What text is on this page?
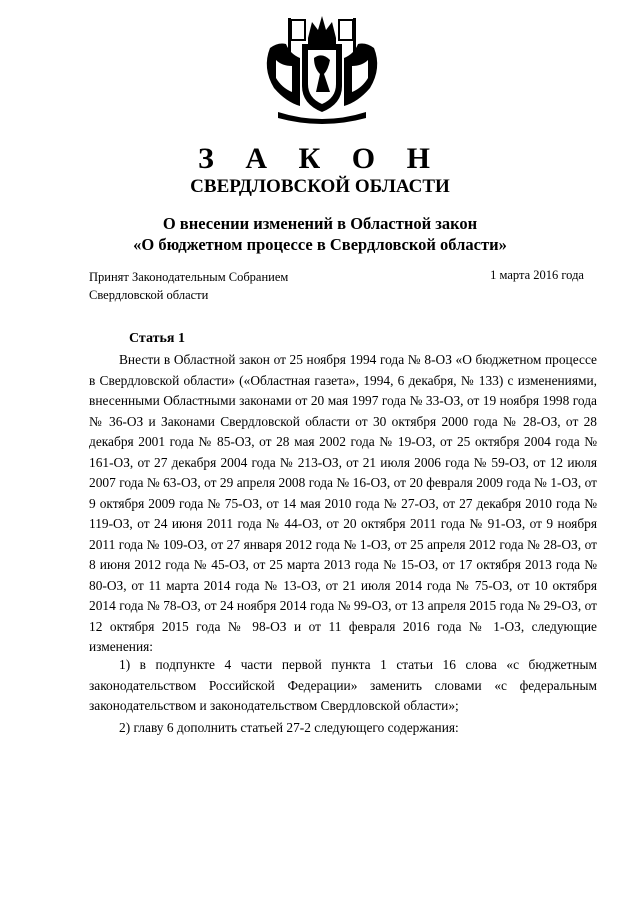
З А К О Н
СВЕРДЛОВСКОЙ ОБЛАСТИ
О внесении изменений в Областной закон
«О бюджетном процессе в Свердловской области»
Принят Законодательным Собранием
Свердловской области
1 марта 2016 года
Статья 1
Внести в Областной закон от 25 ноября 1994 года № 8-ОЗ «О бюджетном процессе в Свердловской области» («Областная газета», 1994, 6 декабря, № 133) с изменениями, внесенными Областными законами от 20 мая 1997 года № 33-ОЗ, от 19 ноября 1998 года № 36-ОЗ и Законами Свердловской области от 30 октября 2000 года № 28-ОЗ, от 28 декабря 2001 года № 85-ОЗ, от 28 мая 2002 года № 19-ОЗ, от 25 октября 2004 года № 161-ОЗ, от 27 декабря 2004 года № 213-ОЗ, от 21 июля 2006 года № 59-ОЗ, от 12 июля 2007 года № 63-ОЗ, от 29 апреля 2008 года № 16-ОЗ, от 20 февраля 2009 года № 1-ОЗ, от 9 октября 2009 года № 75-ОЗ, от 14 мая 2010 года № 27-ОЗ, от 27 декабря 2010 года № 119-ОЗ, от 24 июня 2011 года № 44-ОЗ, от 20 октября 2011 года № 91-ОЗ, от 9 ноября 2011 года № 109-ОЗ, от 27 января 2012 года № 1-ОЗ, от 25 апреля 2012 года № 28-ОЗ, от 8 июня 2012 года № 45-ОЗ, от 25 марта 2013 года № 15-ОЗ, от 17 октября 2013 года № 80-ОЗ, от 11 марта 2014 года № 13-ОЗ, от 21 июля 2014 года № 75-ОЗ, от 10 октября 2014 года № 78-ОЗ, от 24 ноября 2014 года № 99-ОЗ, от 13 апреля 2015 года № 29-ОЗ, от 12 октября 2015 года № 98-ОЗ и от 11 февраля 2016 года № 1-ОЗ, следующие изменения:
1) в подпункте 4 части первой пункта 1 статьи 16 слова «с бюджетным законодательством Российской Федерации» заменить словами «с федеральным законодательством и законодательством Свердловской области»;
2) главу 6 дополнить статьей 27-2 следующего содержания:
